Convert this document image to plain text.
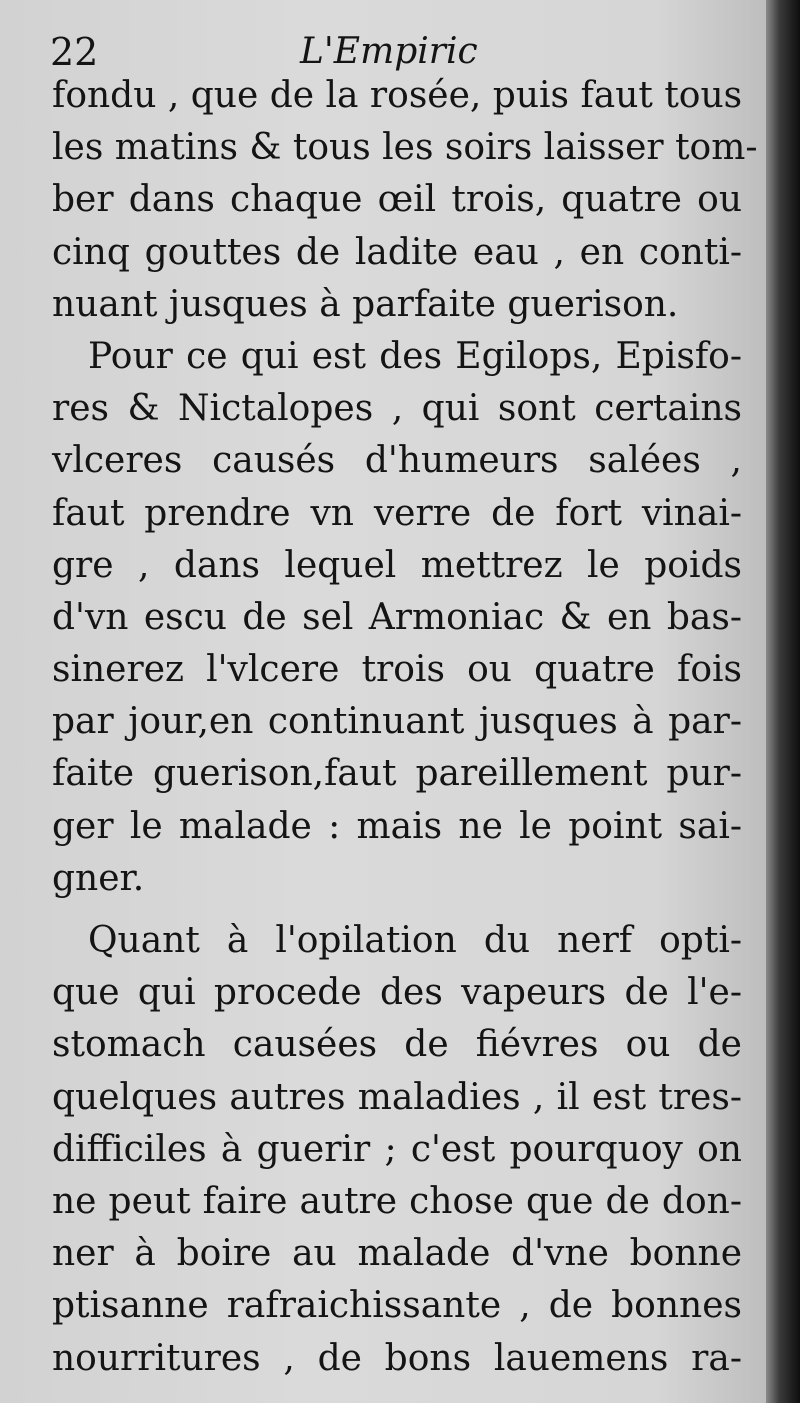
22	L'Empiric
fondu , que de la rosée, puis faut tous
les matins & tous les soirs laisser tom-
ber dans chaque œil trois, quatre ou
cinq gouttes de ladite eau , en conti-
nuant jusques à parfaite guerison.
Pour ce qui est des Egilops, Episfo-
res & Nictalopes , qui sont certains
vlceres causés d'humeurs salées ,
faut prendre vn verre de fort vinai-
gre , dans lequel mettrez le poids
d'vn escu de sel Armoniac & en bas-
sinerez l'vlcere trois ou quatre fois
par jour,en continuant jusques à par-
faite guerison,faut pareillement pur-
ger le malade : mais ne le point sai-
gner.
Quant à l'opilation du nerf opti-
que qui procede des vapeurs de l'e-
stomach causées de fiévres ou de
quelques autres maladies , il est tres-
difficiles à guerir ; c'est pourquoy on
ne peut faire autre chose que de don-
ner à boire au malade d'vne bonne
ptisanne rafraichissante , de bonnes
nourritures , de bons lauemens ra-
